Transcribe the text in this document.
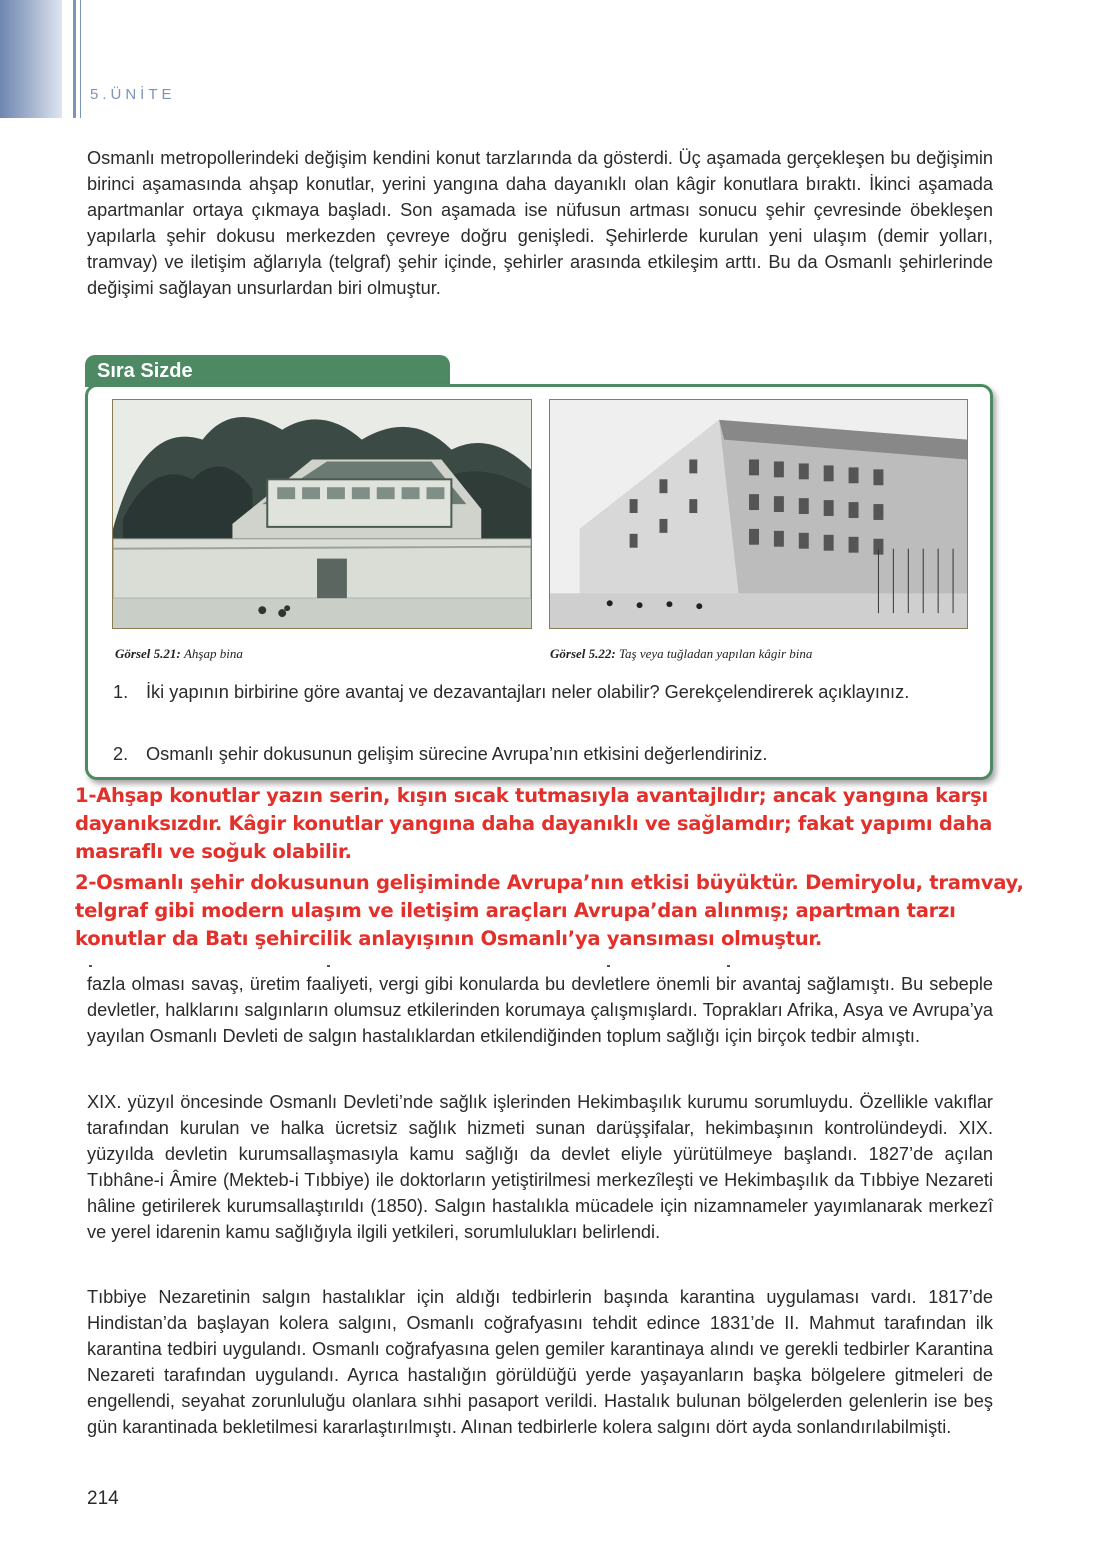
5.ÜNİTE

Osmanlı metropollerindeki değişim kendini konut tarzlarında da gösterdi. Üç aşamada gerçekleşen bu değişimin birinci aşamasında ahşap konutlar, yerini yangına daha dayanıklı olan kâgir konutlara bıraktı. İkinci aşamada apartmanlar ortaya çıkmaya başladı. Son aşamada ise nüfusun artması sonucu şehir çevresinde öbekleşen yapılarla şehir dokusu merkezden çevreye doğru genişledi. Şehirlerde kurulan yeni ulaşım (demir yolları, tramvay) ve iletişim ağlarıyla (telgraf) şehir içinde, şehirler arasında etkileşim arttı. Bu da Osmanlı şehirlerinde değişimi sağlayan unsurlardan biri olmuştur.

Sıra Sizde
Görsel 5.21: Ahşap bina	Görsel 5.22: Taş veya tuğladan yapılan kâgir bina
1. İki yapının birbirine göre avantaj ve dezavantajları neler olabilir? Gerekçelendirerek açıklayınız.
2. Osmanlı şehir dokusunun gelişim sürecine Avrupa’nın etkisini değerlendiriniz.

1-Ahşap konutlar yazın serin, kışın sıcak tutmasıyla avantajlıdır; ancak yangına karşı dayanıksızdır. Kâgir konutlar yangına daha dayanıklı ve sağlamdır; fakat yapımı daha masraflı ve soğuk olabilir.

2-Osmanlı şehir dokusunun gelişiminde Avrupa’nın etkisi büyüktür. Demiryolu, tramvay, telgraf gibi modern ulaşım ve iletişim araçları Avrupa’dan alınmış; apartman tarzı konutlar da Batı şehircilik anlayışının Osmanlı’ya yansıması olmuştur.

fazla olması savaş, üretim faaliyeti, vergi gibi konularda bu devletlere önemli bir avantaj sağlamıştı. Bu sebeple devletler, halklarını salgınların olumsuz etkilerinden korumaya çalışmışlardı. Toprakları Afrika, Asya ve Avrupa’ya yayılan Osmanlı Devleti de salgın hastalıklardan etkilendiğinden toplum sağlığı için birçok tedbir almıştı.

XIX. yüzyıl öncesinde Osmanlı Devleti’nde sağlık işlerinden Hekimbaşılık kurumu sorumluydu. Özellikle vakıflar tarafından kurulan ve halka ücretsiz sağlık hizmeti sunan darüşşifalar, hekimbaşının kontrolündeydi. XIX. yüzyılda devletin kurumsallaşmasıyla kamu sağlığı da devlet eliyle yürütülmeye başlandı. 1827’de açılan Tıbhâne-i Âmire (Mekteb-i Tıbbiye) ile doktorların yetiştirilmesi merkezîleşti ve Hekimbaşılık da Tıbbiye Nezareti hâline getirilerek kurumsallaştırıldı (1850). Salgın hastalıkla mücadele için nizamnameler yayımlanarak merkezî ve yerel idarenin kamu sağlığıyla ilgili yetkileri, sorumlulukları belirlendi.

Tıbbiye Nezaretinin salgın hastalıklar için aldığı tedbirlerin başında karantina uygulaması vardı. 1817’de Hindistan’da başlayan kolera salgını, Osmanlı coğrafyasını tehdit edince 1831’de II. Mahmut tarafından ilk karantina tedbiri uygulandı. Osmanlı coğrafyasına gelen gemiler karantinaya alındı ve gerekli tedbirler Karantina Nezareti tarafından uygulandı. Ayrıca hastalığın görüldüğü yerde yaşayanların başka bölgelere gitmeleri de engellendi, seyahat zorunluluğu olanlara sıhhi pasaport verildi. Hastalık bulunan bölgelerden gelenlerin ise beş gün karantinada bekletilmesi kararlaştırılmıştı. Alınan tedbirlerle kolera salgını dört ayda sonlandırılabilmişti.

214
